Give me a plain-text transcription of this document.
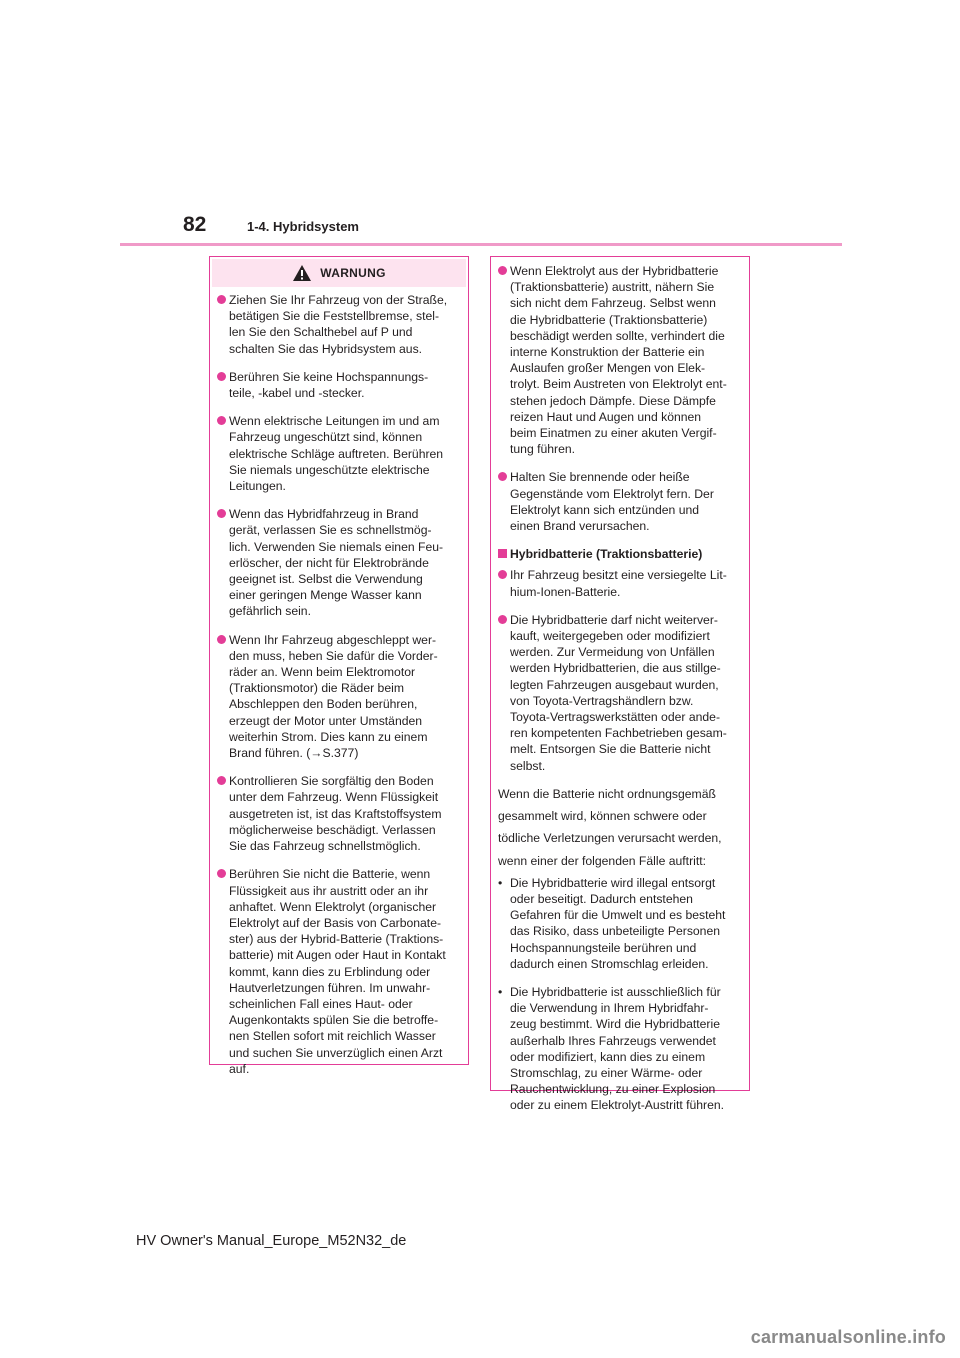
82	1-4. Hybridsystem
WARNUNG
Ziehen Sie Ihr Fahrzeug von der Straße,
betätigen Sie die Feststellbremse, stel-
len Sie den Schalthebel auf P und
schalten Sie das Hybridsystem aus.
Berühren Sie keine Hochspannungs-
teile, -kabel und -stecker.
Wenn elektrische Leitungen im und am
Fahrzeug ungeschützt sind, können
elektrische Schläge auftreten. Berühren
Sie niemals ungeschützte elektrische
Leitungen.
Wenn das Hybridfahrzeug in Brand
gerät, verlassen Sie es schnellstmög-
lich. Verwenden Sie niemals einen Feu-
erlöscher, der nicht für Elektrobrände
geeignet ist. Selbst die Verwendung
einer geringen Menge Wasser kann
gefährlich sein.
Wenn Ihr Fahrzeug abgeschleppt wer-
den muss, heben Sie dafür die Vorder-
räder an. Wenn beim Elektromotor
(Traktionsmotor) die Räder beim
Abschleppen den Boden berühren,
erzeugt der Motor unter Umständen
weiterhin Strom. Dies kann zu einem
Brand führen. (→S.377)
Kontrollieren Sie sorgfältig den Boden
unter dem Fahrzeug. Wenn Flüssigkeit
ausgetreten ist, ist das Kraftstoffsystem
möglicherweise beschädigt. Verlassen
Sie das Fahrzeug schnellstmöglich.
Berühren Sie nicht die Batterie, wenn
Flüssigkeit aus ihr austritt oder an ihr
anhaftet. Wenn Elektrolyt (organischer
Elektrolyt auf der Basis von Carbonate-
ster) aus der Hybrid-Batterie (Traktions-
batterie) mit Augen oder Haut in Kontakt
kommt, kann dies zu Erblindung oder
Hautverletzungen führen. Im unwahr-
scheinlichen Fall eines Haut- oder
Augenkontakts spülen Sie die betroffe-
nen Stellen sofort mit reichlich Wasser
und suchen Sie unverzüglich einen Arzt
auf.
Wenn Elektrolyt aus der Hybridbatterie
(Traktionsbatterie) austritt, nähern Sie
sich nicht dem Fahrzeug. Selbst wenn
die Hybridbatterie (Traktionsbatterie)
beschädigt werden sollte, verhindert die
interne Konstruktion der Batterie ein
Auslaufen großer Mengen von Elek-
trolyt. Beim Austreten von Elektrolyt ent-
stehen jedoch Dämpfe. Diese Dämpfe
reizen Haut und Augen und können
beim Einatmen zu einer akuten Vergif-
tung führen.
Halten Sie brennende oder heiße
Gegenstände vom Elektrolyt fern. Der
Elektrolyt kann sich entzünden und
einen Brand verursachen.
Hybridbatterie (Traktionsbatterie)
Ihr Fahrzeug besitzt eine versiegelte Lit-
hium-Ionen-Batterie.
Die Hybridbatterie darf nicht weiterver-
kauft, weitergegeben oder modifiziert
werden. Zur Vermeidung von Unfällen
werden Hybridbatterien, die aus stillge-
legten Fahrzeugen ausgebaut wurden,
von Toyota-Vertragshändlern bzw.
Toyota-Vertragswerkstätten oder ande-
ren kompetenten Fachbetrieben gesam-
melt. Entsorgen Sie die Batterie nicht
selbst.
Wenn die Batterie nicht ordnungsgemäß
gesammelt wird, können schwere oder
tödliche Verletzungen verursacht werden,
wenn einer der folgenden Fälle auftritt:
• Die Hybridbatterie wird illegal entsorgt
oder beseitigt. Dadurch entstehen
Gefahren für die Umwelt und es besteht
das Risiko, dass unbeteiligte Personen
Hochspannungsteile berühren und
dadurch einen Stromschlag erleiden.
• Die Hybridbatterie ist ausschließlich für
die Verwendung in Ihrem Hybridfahr-
zeug bestimmt. Wird die Hybridbatterie
außerhalb Ihres Fahrzeugs verwendet
oder modifiziert, kann dies zu einem
Stromschlag, zu einer Wärme- oder
Rauchentwicklung, zu einer Explosion
oder zu einem Elektrolyt-Austritt führen.
HV Owner's Manual_Europe_M52N32_de
carmanualsonline.info
